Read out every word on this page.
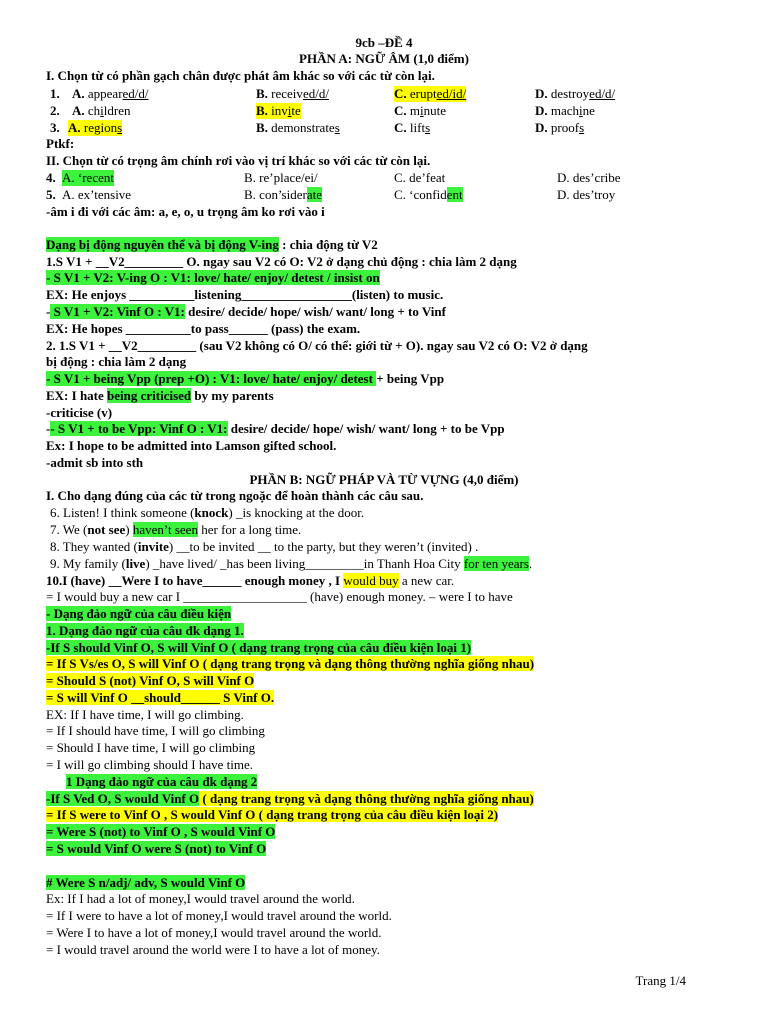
9cb –ĐỀ 4
PHẦN A: NGỮ ÂM (1,0 điểm)
I. Chọn từ có phần gạch chân được phát âm khác so với các từ còn lại.
1. A. appeared/d/	B. received/d/	C. erupted/id/	D. destroyed/d/
2. A. children	B. invite	C. minute	D. machine
3. A. regions	B. demonstrates	C. lifts	D. proofs
Ptkf:
II. Chọn từ có trọng âm chính rơi vào vị trí khác so với các từ còn lại.
4. A. ‘recent	B. re’place/ei/	C. de’feat	D. des’cribe
5. A. ex’tensive	B. con’siderate	C. ‘confident	D. des’troy
-âm i đi với các âm: a, e, o, u trọng âm ko rơi vào i
Dạng bị động nguyên thể và bị động V-ing : chia động từ V2
1.S V1 + __V2_________ O. ngay sau V2 có O: V2 ở dạng chủ động : chia làm 2 dạng
- S V1 + V2: V-ing O : V1: love/ hate/ enjoy/ detest / insist on
EX: He enjoys __________listening_________________(listen) to music.
- S V1 + V2: Vinf O : V1: desire/ decide/ hope/ wish/ want/ long + to Vinf
EX: He hopes __________to pass______ (pass) the exam.
2. 1.S V1 + __V2_________ (sau V2 không có O/ có thể: giới từ + O). ngay sau V2 có O: V2 ở dạng
bị động : chia làm 2 dạng
- S V1 + being Vpp (prep +O) : V1: love/ hate/ enjoy/ detest + being Vpp
EX: I hate being criticised by my parents
-criticise (v)
-- S V1 + to be Vpp: Vinf O : V1: desire/ decide/ hope/ wish/ want/ long + to be Vpp
Ex: I hope to be admitted into Lamson gifted school.
-admit sb into sth
PHẦN B: NGỮ PHÁP VÀ TỪ VỰNG (4,0 điểm)
I. Cho dạng đúng của các từ trong ngoặc để hoàn thành các câu sau.
6. Listen! I think someone (knock) _is knocking at the door.
7. We (not see) haven’t seen her for a long time.
8. They wanted (invite) __to be invited __ to the party, but they weren’t (invited) .
9. My family (live) _have lived/ _has been living_________in Thanh Hoa City for ten years.
10.I (have) __Were I to have______ enough money , I would buy a new car.
= I would buy a new car I ___________________ (have) enough money. – were I to have
- Dạng đảo ngữ của câu điều kiện
1. Dạng đảo ngữ của câu đk dạng 1.
-If S should Vinf O, S will Vinf O ( dạng trang trọng của câu điều kiện loại 1)
= If S Vs/es O, S will Vinf O ( dạng trang trọng và dạng thông thường nghĩa giống nhau)
= Should S (not) Vinf O, S will Vinf O
= S will Vinf O __should______ S Vinf O.
EX: If I have time, I will go climbing.
= If I should have time, I will go climbing
= Should I have time, I will go climbing
= I will go climbing should I have time.
1 Dạng đảo ngữ của câu đk dạng 2
-If S Ved O, S would Vinf O ( dạng trang trọng và dạng thông thường nghĩa giống nhau)
= If S were to Vinf O , S would Vinf O ( dạng trang trọng của câu điều kiện loại 2)
= Were S (not) to Vinf O , S would Vinf O
= S would Vinf O were S (not) to Vinf O
# Were S n/adj/ adv, S would Vinf O
Ex: If I had a lot of money,I would travel around the world.
= If I were to have a lot of money,I would travel around the world.
= Were I to have a lot of money,I would travel around the world.
= I would travel around the world were I to have a lot of money.
Trang 1/4
